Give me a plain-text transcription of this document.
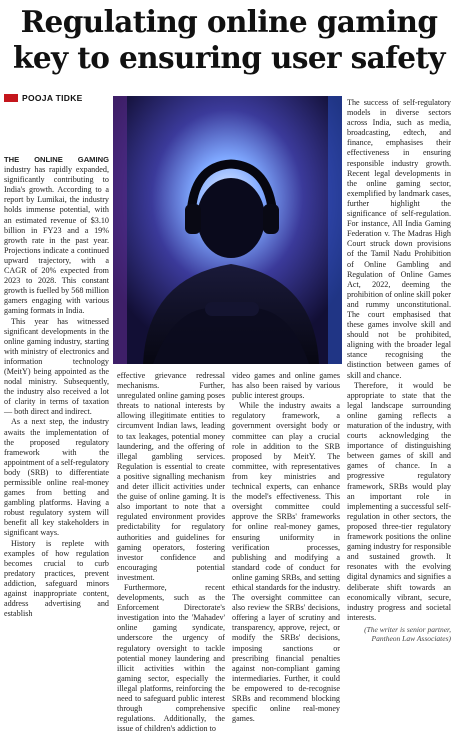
Regulating online gaming key to ensuring user safety
POOJA TIDKE

THE ONLINE GAMING industry has rapidly expanded, significantly contributing to India's growth. According to a report by Lumikai, the industry holds immense potential, with an estimated revenue of $3.10 billion in FY23 and a 19% growth rate in the past year. Projections indicate a continued upward trajectory, with a CAGR of 20% expected from 2023 to 2028. This constant growth is fuelled by 568 million gamers engaging with various gaming formats in India.

This year has witnessed significant developments in the online gaming industry, starting with ministry of electronics and information technology (MeitY) being appointed as the nodal ministry. Subsequently, the industry also received a lot of clarity in terms of taxation — both direct and indirect.

As a next step, the industry awaits the implementation of the proposed regulatory framework with the appointment of a self-regulatory body (SRB) to differentiate permissible online real-money games from betting and gambling platforms. Having a robust regulatory system will benefit all key stakeholders in significant ways.

History is replete with examples of how regulation becomes crucial to curb predatory practices, prevent addiction, safeguard minors against inappropriate content, address advertising and establish

effective grievance redressal mechanisms. Further, unregulated online gaming poses threats to national interests by allowing illegitimate entities to circumvent Indian laws, leading to tax leakages, potential money laundering, and the offering of illegal gambling services. Regulation is essential to create a positive signalling mechanism and deter illicit activities under the guise of online gaming. It is also important to note that a regulated environment provides predictability for regulatory authorities and guidelines for gaming operators, fostering investor confidence and encouraging potential investment.

Furthermore, recent developments, such as the Enforcement Directorate's investigation into the 'Mahadev' online gaming syndicate, underscore the urgency of regulatory oversight to tackle potential money laundering and illicit activities within the gaming sector, especially the illegal platforms, reinforcing the need to safeguard public interest through comprehensive regulations. Additionally, the issue of children's addiction to

video games and online games has also been raised by various public interest groups.

While the industry awaits a regulatory framework, a government oversight body or committee can play a crucial role in addition to the SRB proposed by MeitY. The committee, with representatives from key ministries and technical experts, can enhance the model's effectiveness. This oversight committee could approve the SRBs' frameworks for online real-money games, ensuring uniformity in verification processes, publishing and modifying a standard code of conduct for online gaming SRBs, and setting ethical standards for the industry. The oversight committee can also review the SRBs' decisions, offering a layer of scrutiny and transparency, approve, reject, or modify the SRBs' decisions, imposing sanctions or prescribing financial penalties against non-compliant gaming intermediaries. Further, it could be empowered to de-recognise SRBs and recommend blocking specific online real-money games.

The success of self-regulatory models in diverse sectors across India, such as media, broadcasting, edtech, and finance, emphasises their effectiveness in ensuring responsible industry growth. Recent legal developments in the online gaming sector, exemplified by landmark cases, further highlight the significance of self-regulation. For instance, All India Gaming Federation v. The Madras High Court struck down provisions of the Tamil Nadu Prohibition of Online Gambling and Regulation of Online Games Act, 2022, deeming the prohibition of online skill poker and rummy unconstitutional. The court emphasised that these games involve skill and should not be prohibited, aligning with the broader legal stance recognising the distinction between games of skill and chance.

Therefore, it would be appropriate to state that the legal landscape surrounding online gaming reflects a maturation of the industry, with courts acknowledging the importance of distinguishing between games of skill and games of chance. In a progressive regulatory framework, SRBs would play an important role in implementing a successful self-regulation in other sectors, the proposed three-tier regulatory framework positions the online gaming industry for responsible and sustained growth. It resonates with the evolving digital dynamics and signifies a deliberate shift towards an economically vibrant, secure, industry progress and societal interests.

(The writer is senior partner, Pantheon Law Associates)
